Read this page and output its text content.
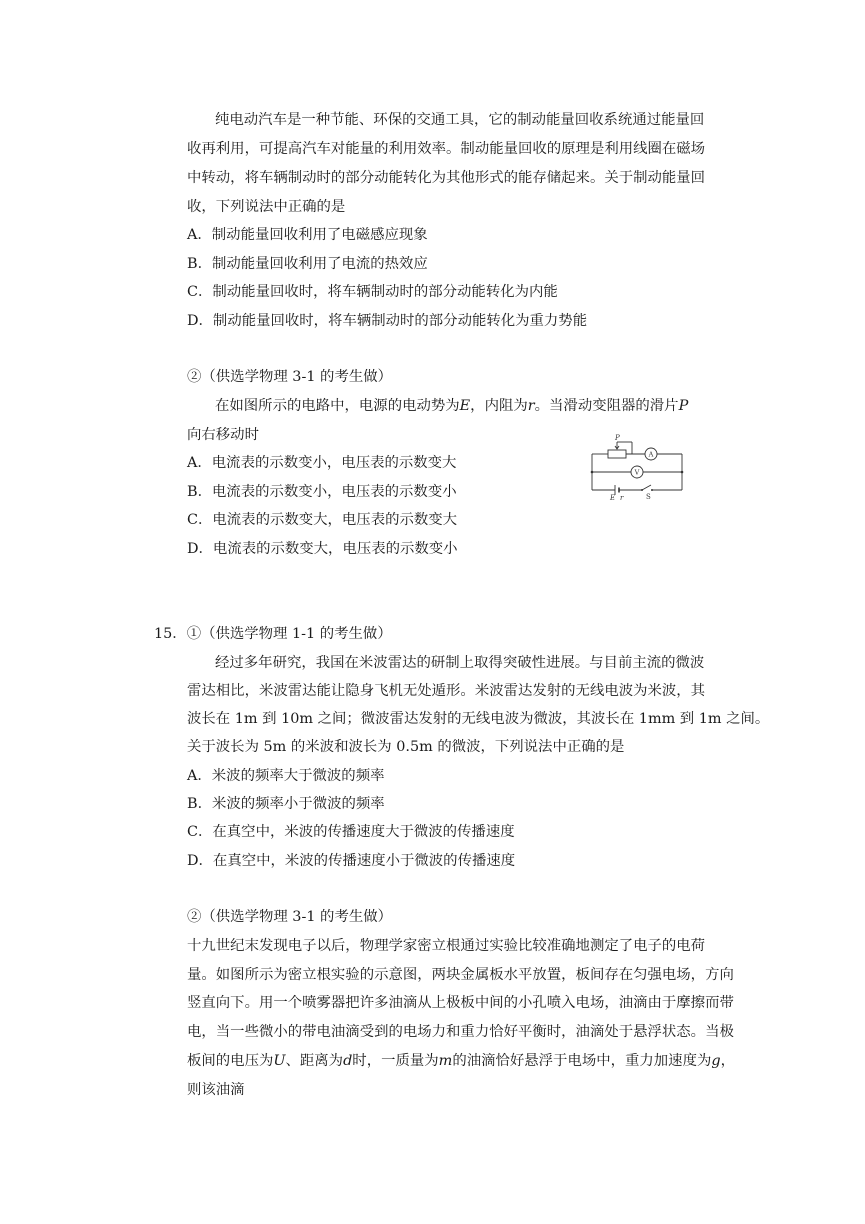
纯电动汽车是一种节能、环保的交通工具，它的制动能量回收系统通过能量回
收再利用，可提高汽车对能量的利用效率。制动能量回收的原理是利用线圈在磁场
中转动，将车辆制动时的部分动能转化为其他形式的能存储起来。关于制动能量回
收，下列说法中正确的是
A．制动能量回收利用了电磁感应现象
B．制动能量回收利用了电流的热效应
C．制动能量回收时，将车辆制动时的部分动能转化为内能
D．制动能量回收时，将车辆制动时的部分动能转化为重力势能
②（供选学物理 3-1 的考生做）
在如图所示的电路中，电源的电动势为E，内阻为r。当滑动变阻器的滑片P
向右移动时
A．电流表的示数变小，电压表的示数变大
B．电流表的示数变小，电压表的示数变小
C．电流表的示数变大，电压表的示数变大
D．电流表的示数变大，电压表的示数变小
P
A
V
E r	S
15．①（供选学物理 1-1 的考生做）
经过多年研究，我国在米波雷达的研制上取得突破性进展。与目前主流的微波
雷达相比，米波雷达能让隐身飞机无处遁形。米波雷达发射的无线电波为米波，其
波长在 1m 到 10m 之间；微波雷达发射的无线电波为微波，其波长在 1mm 到 1m 之间。
关于波长为 5m 的米波和波长为 0.5m 的微波，下列说法中正确的是
A．米波的频率大于微波的频率
B．米波的频率小于微波的频率
C．在真空中，米波的传播速度大于微波的传播速度
D．在真空中，米波的传播速度小于微波的传播速度
②（供选学物理 3-1 的考生做）
十九世纪末发现电子以后，物理学家密立根通过实验比较准确地测定了电子的电荷
量。如图所示为密立根实验的示意图，两块金属板水平放置，板间存在匀强电场，方向
竖直向下。用一个喷雾器把许多油滴从上极板中间的小孔喷入电场，油滴由于摩擦而带
电，当一些微小的带电油滴受到的电场力和重力恰好平衡时，油滴处于悬浮状态。当极
板间的电压为U、距离为d时，一质量为m的油滴恰好悬浮于电场中，重力加速度为g，
则该油滴
